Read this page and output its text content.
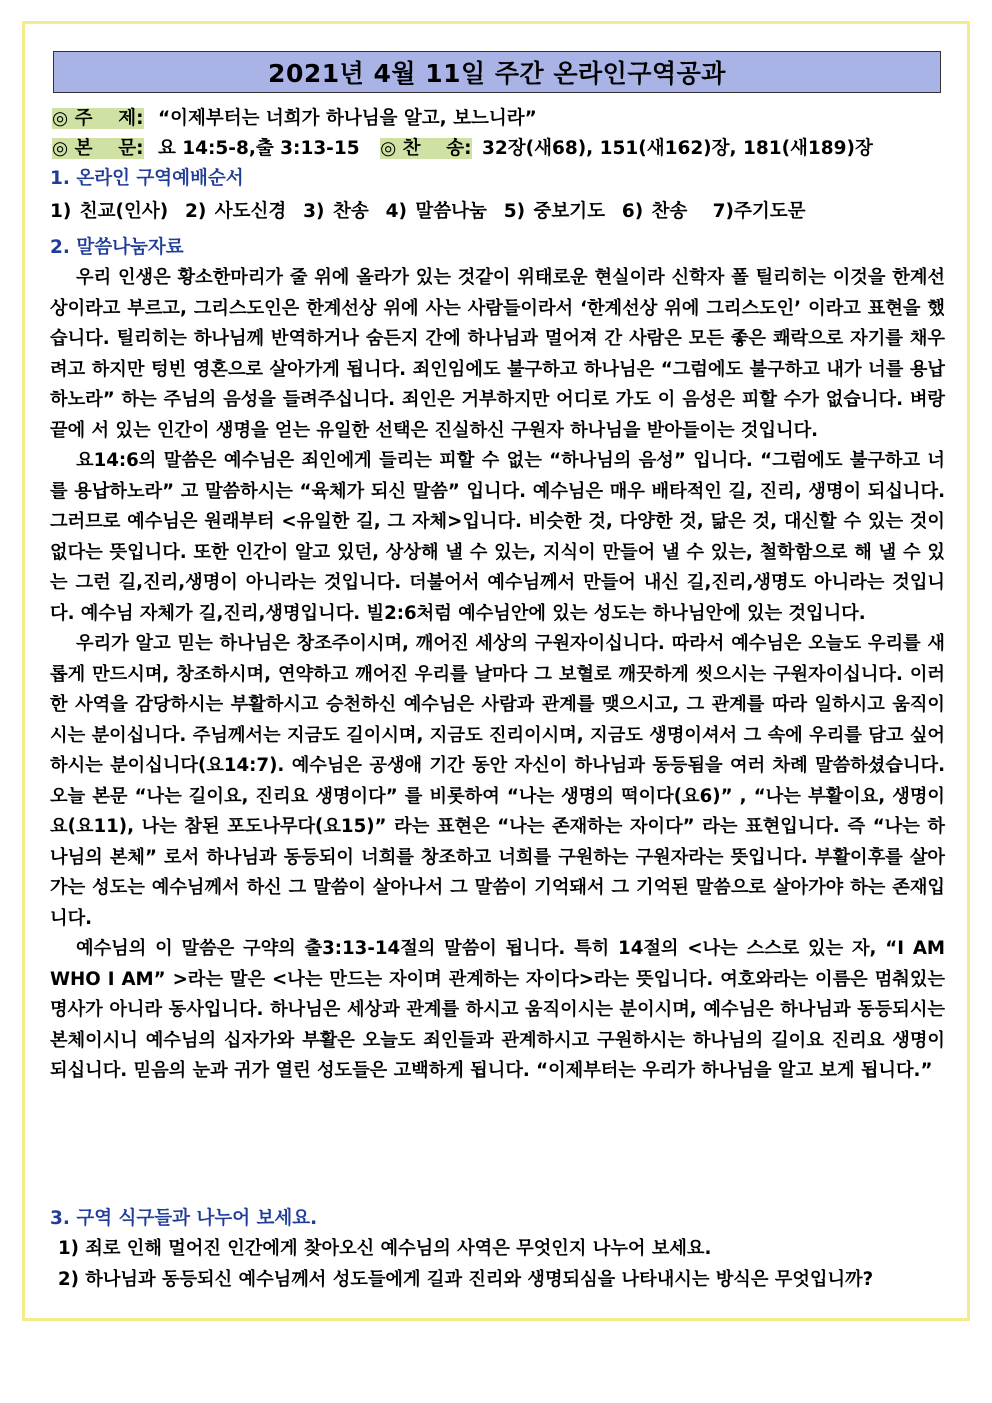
2021년 4월 11일 주간 온라인구역공과
◎ 주    제: “이제부터는 너희가 하나님을 알고, 보느니라”
◎ 본    문: 요 14:5-8,출 3:13-15 ◎ 찬    송: 32장(새68), 151(새162)장, 181(새189)장
1. 온라인 구역예배순서
1) 친교(인사)  2) 사도신경  3) 찬송  4) 말씀나눔  5) 중보기도  6) 찬송   7)주기도문
2. 말씀나눔자료

우리 인생은 황소한마리가 줄 위에 올라가 있는 것같이 위태로운 현실이라 신학자 폴 틸리히는 이것을 한계선상이라고 부르고, 그리스도인은 한계선상 위에 사는 사람들이라서 ‘한계선상 위에 그리스도인’ 이라고 표현을 했습니다. 틸리히는 하나님께 반역하거나 숨든지 간에 하나님과 멀어져 간 사람은 모든 좋은 쾌락으로 자기를 채우려고 하지만 텅빈 영혼으로 살아가게 됩니다. 죄인임에도 불구하고 하나님은 “그럼에도 불구하고 내가 너를 용납하노라” 하는 주님의 음성을 들려주십니다. 죄인은 거부하지만 어디로 가도 이 음성은 피할 수가 없습니다. 벼랑 끝에 서 있는 인간이 생명을 얻는 유일한 선택은 진실하신 구원자 하나님을 받아들이는 것입니다.

요14:6의 말씀은 예수님은 죄인에게 들리는 피할 수 없는 “하나님의 음성” 입니다. “그럼에도 불구하고 너를 용납하노라” 고 말씀하시는 “육체가 되신 말씀” 입니다. 예수님은 매우 배타적인 길, 진리, 생명이 되십니다. 그러므로 예수님은 원래부터 <유일한 길, 그 자체>입니다. 비슷한 것, 다양한 것, 닮은 것, 대신할 수 있는 것이 없다는 뜻입니다. 또한 인간이 알고 있던, 상상해 낼 수 있는, 지식이 만들어 낼 수 있는, 철학함으로 해 낼 수 있는 그런 길,진리,생명이 아니라는 것입니다. 더불어서 예수님께서 만들어 내신 길,진리,생명도 아니라는 것입니다. 예수님 자체가 길,진리,생명입니다. 빌2:6처럼 예수님안에 있는 성도는 하나님안에 있는 것입니다.

우리가 알고 믿는 하나님은 창조주이시며, 깨어진 세상의 구원자이십니다. 따라서 예수님은 오늘도 우리를 새롭게 만드시며, 창조하시며, 연약하고 깨어진 우리를 날마다 그 보혈로 깨끗하게 씻으시는 구원자이십니다. 이러한 사역을 감당하시는 부활하시고 승천하신 예수님은 사람과 관계를 맺으시고, 그 관계를 따라 일하시고 움직이시는 분이십니다. 주님께서는 지금도 길이시며, 지금도 진리이시며, 지금도 생명이셔서 그 속에 우리를 담고 싶어하시는 분이십니다(요14:7). 예수님은 공생애 기간 동안 자신이 하나님과 동등됨을 여러 차례 말씀하셨습니다. 오늘 본문 “나는 길이요, 진리요 생명이다” 를 비롯하여 “나는 생명의 떡이다(요6)” , “나는 부활이요, 생명이요(요11), 나는 참된 포도나무다(요15)” 라는 표현은 “나는 존재하는 자이다” 라는 표현입니다. 즉 “나는 하나님의 본체” 로서 하나님과 동등되이 너희를 창조하고 너희를 구원하는 구원자라는 뜻입니다. 부활이후를 살아가는 성도는 예수님께서 하신 그 말씀이 살아나서 그 말씀이 기억돼서 그 기억된 말씀으로 살아가야 하는 존재입니다.

예수님의 이 말씀은 구약의 출3:13-14절의 말씀이 됩니다. 특히 14절의 <나는 스스로 있는 자, “I AM WHO I AM” >라는 말은 <나는 만드는 자이며 관계하는 자이다>라는 뜻입니다. 여호와라는 이름은 멈춰있는 명사가 아니라 동사입니다. 하나님은 세상과 관계를 하시고 움직이시는 분이시며, 예수님은 하나님과 동등되시는 본체이시니 예수님의 십자가와 부활은 오늘도 죄인들과 관계하시고 구원하시는 하나님의 길이요 진리요 생명이 되십니다. 믿음의 눈과 귀가 열린 성도들은 고백하게 됩니다. “이제부터는 우리가 하나님을 알고 보게 됩니다.”

3. 구역 식구들과 나누어 보세요.
1) 죄로 인해 멀어진 인간에게 찾아오신 예수님의 사역은 무엇인지 나누어 보세요.
2) 하나님과 동등되신 예수님께서 성도들에게 길과 진리와 생명되심을 나타내시는 방식은 무엇입니까?
